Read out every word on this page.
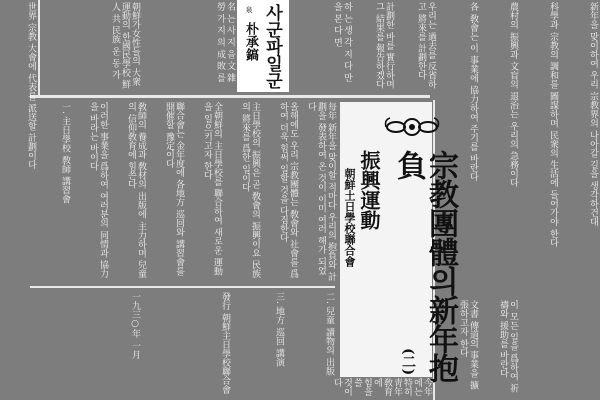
사군파일군
泉
朴承鎬
朝鮮가女性들의 大衆運動의 한國民學校 鮮人 共 民族 운 동 가	名 는 사 지 을 文 雜 勞 가 지 의 成 敗 를	하 는 생 각 지 다 만 을 본 다 면
宗教團體의新年抱負
(二)
振興運動
朝鮮土日學校聯合會
每年 新年을 맞이할 적마다 우리의 抱負와 計劃을 發表하여 온 것이 이미 여러 해가 되었다
올해에도 우리 宗教團體는 敎會와 社會를 爲하여 더욱 힘써 일할 것을 다짐한다
主日學校의 振興은 곧 敎會의 振興이요 民族의 將來를 爲한 일이다
全朝鮮의 主日學校를 聯合하여 새로운 運動을 일으키고자 한다
聯合會는 金年度에 各地方 巡回와 講習會를 開催할 豫定이다
敎師의 養成과 敎材의 出版에 主力하며 兒童의 信仰敎育에 힘쓴다
이러한 事業을 爲하여 여러분의 同情과 協力을 바라는 바이다
一. 主日學校 敎師 講習會
二. 兒童 讀物의 出版
三. 地方 巡回 講演
發行 朝鮮主日學校聯合會
一九三○年 一月
新年을 맞이하여 우리 宗教界의 나아갈 길을 생각하건대
科學과 宗教의 調和를 圖謀하며 民衆의 生活에 들어가야 한다
農村의 振興과 文盲의 退治는 우리의 急務이다
各 敎會는 이 事業에 協力하여 주기를 바란다
우리는 過去를 反省하고 將來를 計劃한다
計劃한 바를 實行하며 그 結果를 報告하겠다
今年에는 特히 靑年 敎育에 힘을 쓸 것이다
世界 宗教 大會에 代表를 派送할 計劃이다
文書 傳道의 事業을 擴張하고자 한다	이 모든 일을 爲하여 祈禱와 援助를 바란다
